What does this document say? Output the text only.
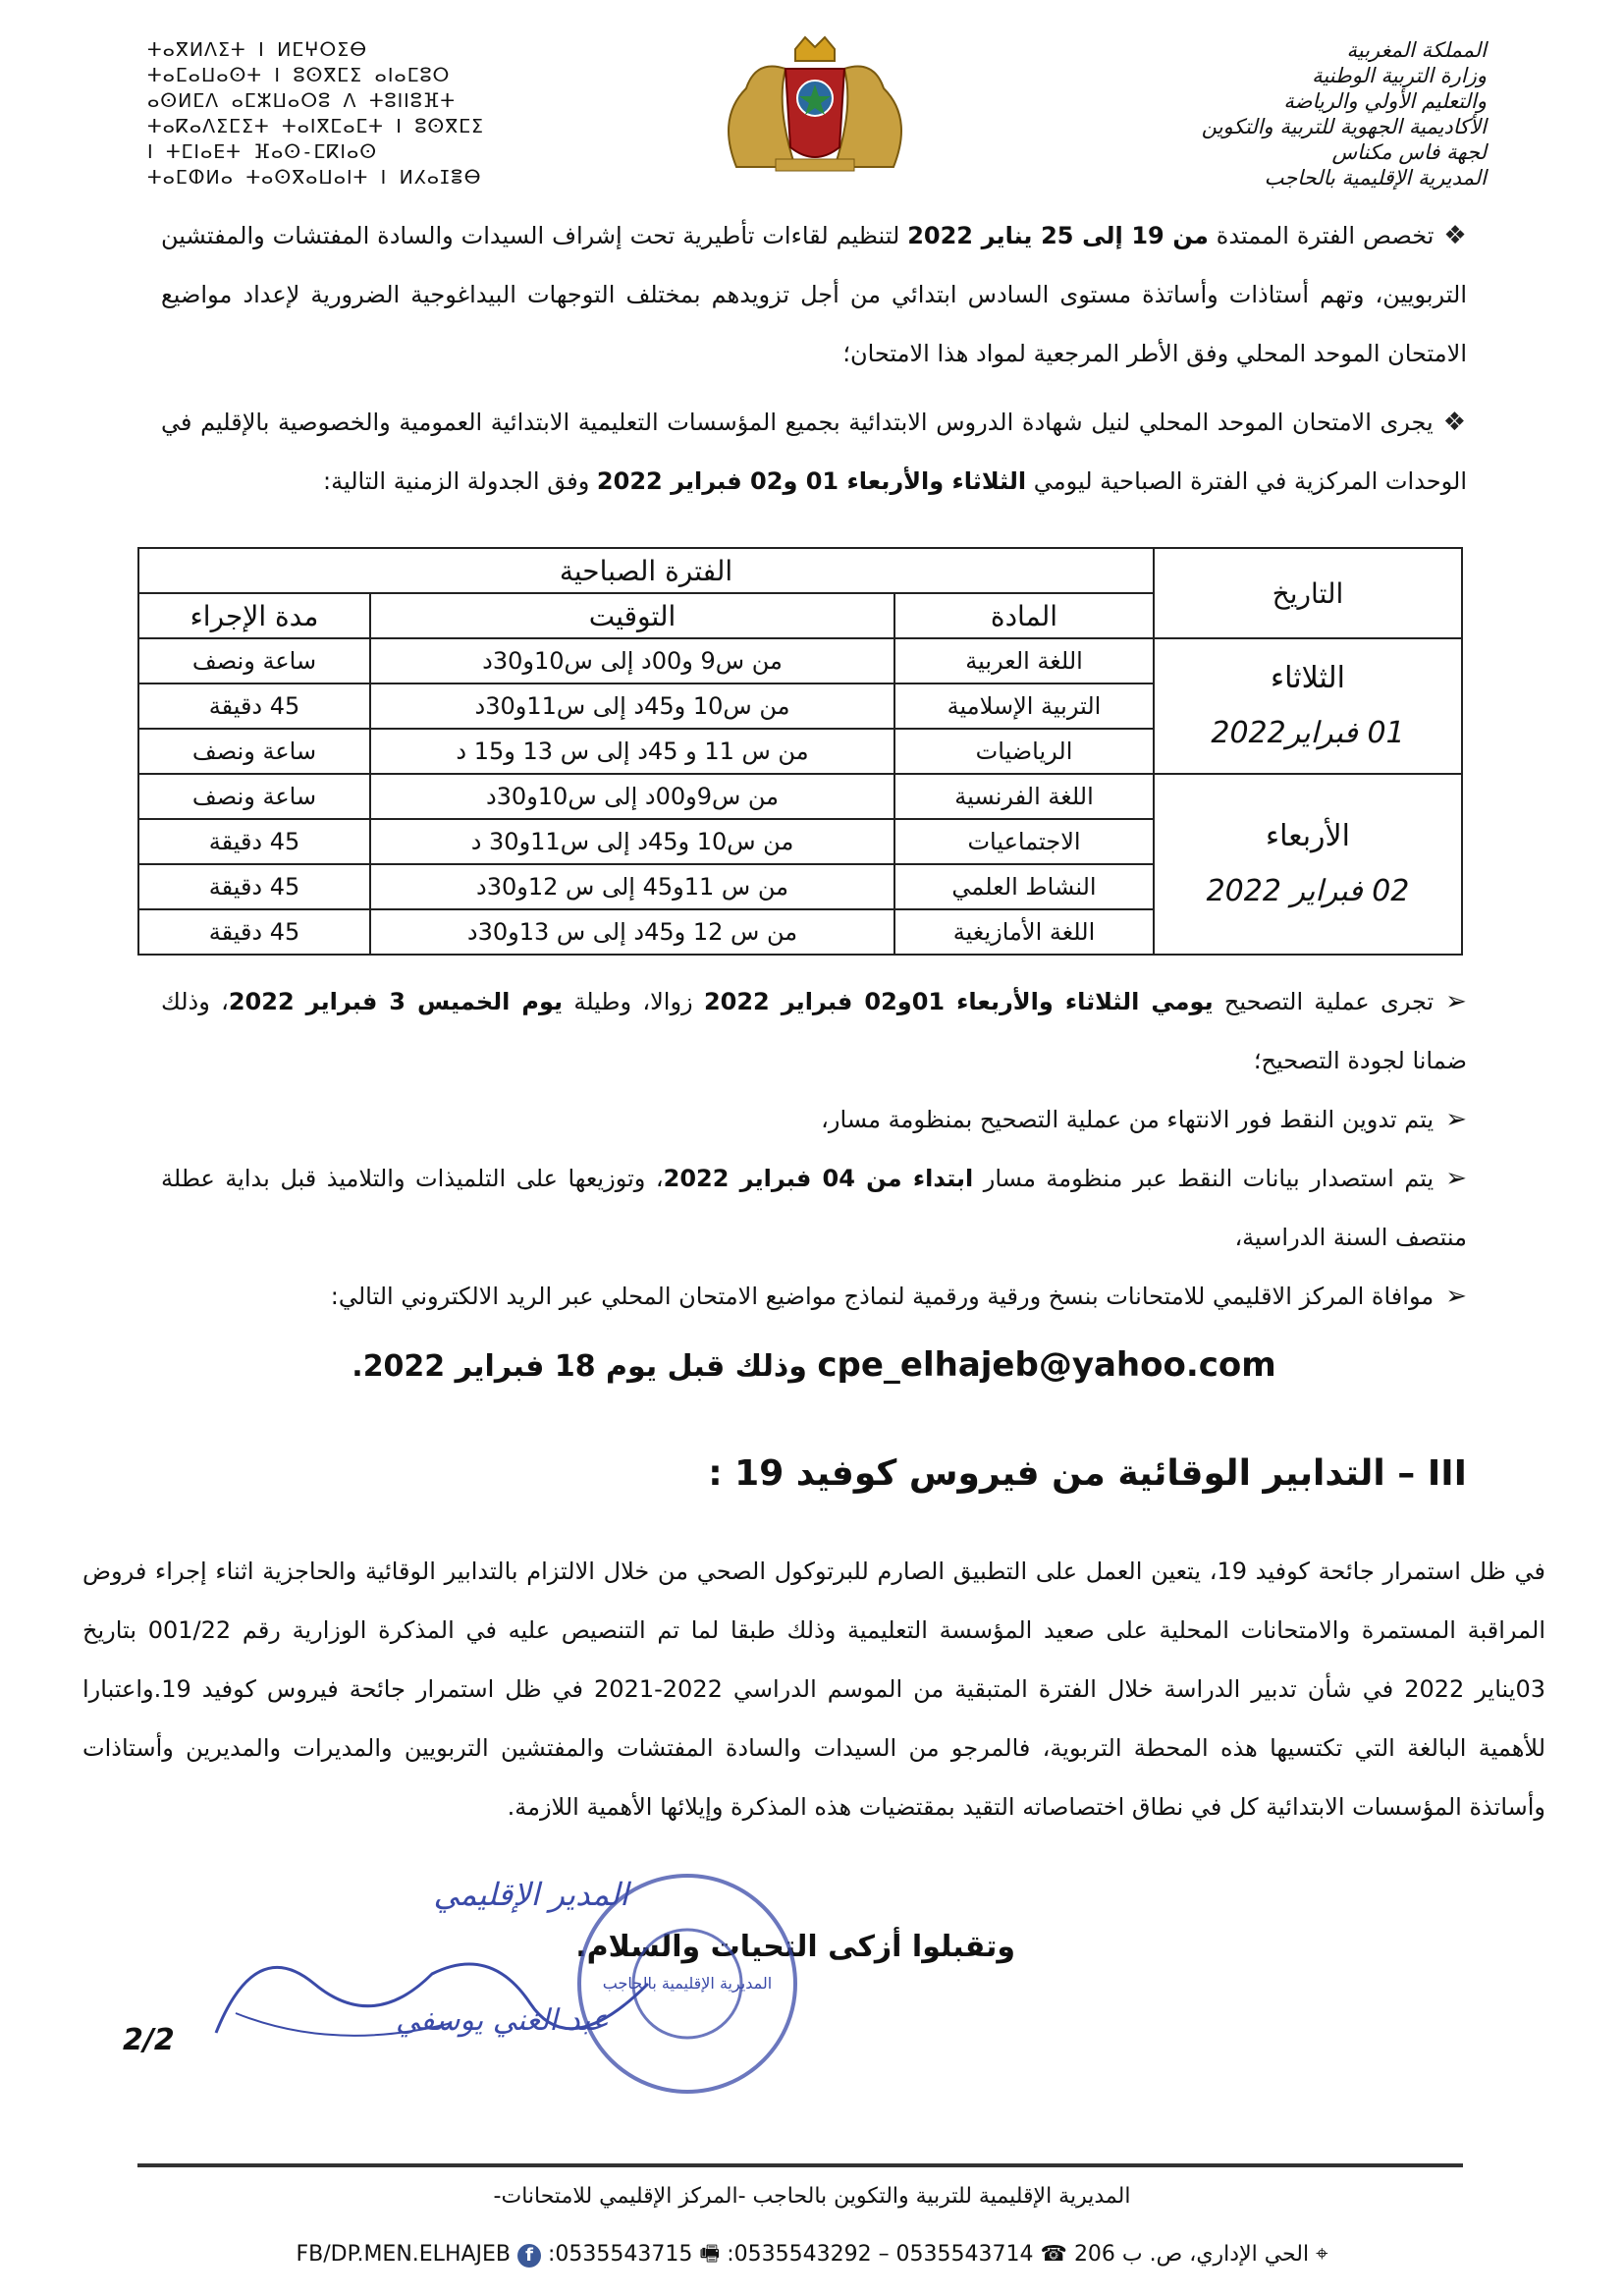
المملكة المغربية
وزارة التربية الوطنية
والتعليم الأولي والرياضة
الأكاديمية الجهوية للتربية والتكوين
لجهة فاس مكناس
المديرية الإقليمية بالحاجب
ⵜⴰⴳⵍⴷⵉⵜ ⵏ ⵍⵎⵖⵔⵉⴱ
ⵜⴰⵎⴰⵡⴰⵙⵜ ⵏ ⵓⵙⴳⵎⵉ ⴰⵏⴰⵎⵓⵔ
ⴰⵙⵍⵎⴷ ⴰⵎⵣⵡⴰⵔⵓ ⴷ ⵜⵓⵏⵏⵓⴼⵜ
ⵜⴰⴽⴰⴷⵉⵎⵉⵜ ⵜⴰⵏⴳⵎⴰⵎⵜ ⵏ ⵓⵙⴳⵎⵉ
ⵏ ⵜⵎⵏⴰⴹⵜ ⴼⴰⵙ-ⵎⴽⵏⴰⵙ
ⵜⴰⵎⵀⵍⴰ ⵜⴰⵙⴳⴰⵡⴰⵏⵜ ⵏ ⵍⵃⴰⵊⴻⴱ
❖تخصص الفترة الممتدة من 19 إلى 25 يناير 2022 لتنظيم لقاءات تأطيرية تحت إشراف السيدات والسادة المفتشات والمفتشين التربويين، وتهم أستاذات وأساتذة مستوى السادس ابتدائي من أجل تزويدهم بمختلف التوجهات البيداغوجية الضرورية لإعداد مواضيع الامتحان الموحد المحلي وفق الأطر المرجعية لمواد هذا الامتحان؛
❖يجرى الامتحان الموحد المحلي لنيل شهادة الدروس الابتدائية بجميع المؤسسات التعليمية الابتدائية العمومية والخصوصية بالإقليم في الوحدات المركزية في الفترة الصباحية ليومي الثلاثاء والأربعاء 01 و02 فبراير 2022 وفق الجدولة الزمنية التالية:
التاريخ	الفترة الصباحية		
	المادة	التوقيت	مدة الإجراء

الثلاثاء
01 فبراير2022	اللغة العربية	من س9 و00د إلى س10و30د	ساعة ونصف
	التربية الإسلامية	من س10 و45د إلى س11و30د	45 دقيقة
	الرياضيات	من س 11 و 45د إلى س 13 و15 د	ساعة ونصف

الأربعاء
02 فبراير 2022	اللغة الفرنسية	من س9و00د إلى س10و30د	ساعة ونصف
	الاجتماعيات	من س10 و45د إلى س11و30 د	45 دقيقة
	النشاط العلمي	من س 11و45 إلى س 12و30د	45 دقيقة
	اللغة الأمازيغية	من س 12 و45د إلى س 13و30د	45 دقيقة
➢تجرى عملية التصحيح يومي الثلاثاء والأربعاء 01و02 فبراير 2022 زوالا، وطيلة يوم الخميس 3 فبراير 2022، وذلك ضمانا لجودة التصحيح؛
➢يتم تدوين النقط فور الانتهاء من عملية التصحيح بمنظومة مسار،
➢يتم استصدار بيانات النقط عبر منظومة مسار ابتداء من 04 فبراير 2022، وتوزيعها على التلميذات والتلاميذ قبل بداية عطلة منتصف السنة الدراسية،
➢موافاة المركز الاقليمي للامتحانات بنسخ ورقية ورقمية لنماذج مواضيع الامتحان المحلي عبر الريد الالكتروني التالي:
cpe_elhajeb@yahoo.com وذلك قبل يوم 18 فبراير 2022.
III – التدابير الوقائية من فيروس كوفيد 19 :
في ظل استمرار جائحة كوفيد 19، يتعين العمل على التطبيق الصارم للبرتوكول الصحي من خلال الالتزام بالتدابير الوقائية والحاجزية اثناء إجراء فروض المراقبة المستمرة والامتحانات المحلية على صعيد المؤسسة التعليمية وذلك طبقا لما تم التنصيص عليه في المذكرة الوزارية رقم 001/22 بتاريخ 03يناير 2022 في شأن تدبير الدراسة خلال الفترة المتبقية من الموسم الدراسي 2022-2021 في ظل استمرار جائحة فيروس كوفيد 19.واعتبارا للأهمية البالغة التي تكتسيها هذه المحطة التربوية، فالمرجو من السيدات والسادة المفتشات والمفتشين التربويين والمديرات والمديرين وأستاذات وأساتذة المؤسسات الابتدائية كل في نطاق اختصاصاته التقيد بمقتضيات هذه المذكرة وإيلائها الأهمية اللازمة.
وتقبلوا أزكى التحيات والسلام.
المديرية الإقليمية بالحاجب
المدير الإقليمي
عبد الغني يوسفي
2/2
المديرية الإقليمية للتربية والتكوين بالحاجب -المركز الإقليمي للامتحانات-
FB/DP.MEN.ELHAJEB f :0535543715 🖷 :0535543292 – 0535543714 ☎ الحي الإداري، ص. ب 206 ⌖
